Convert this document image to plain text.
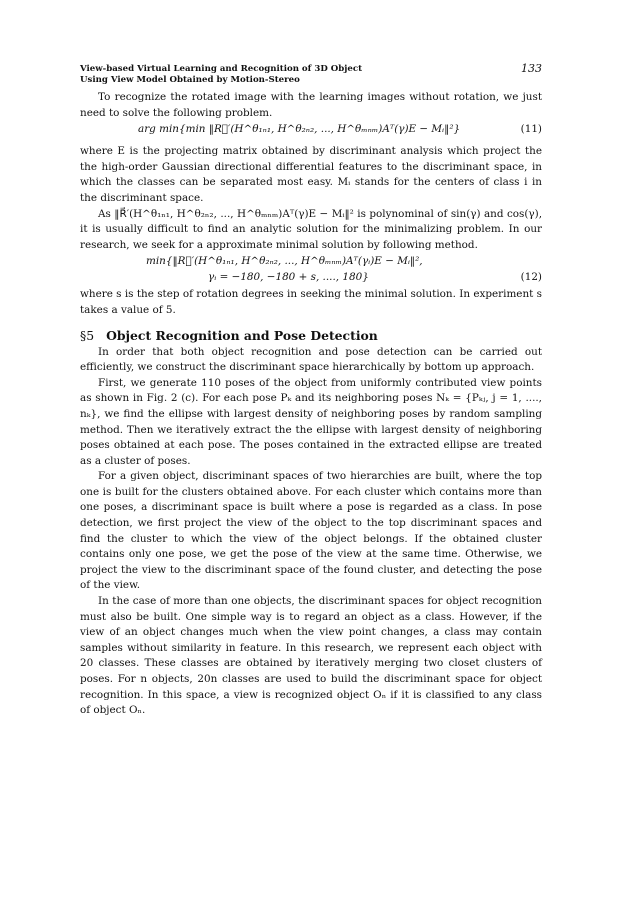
View-based Virtual Learning and Recognition of 3D Object
Using View Model Obtained by Motion-Stereo
133

To recognize the rotated image with the learning images without rotation, we just need to solve the following problem.

arg min{min ‖R⃗′(H^θ₁ₙ₁, H^θ₂ₙ₂, ..., H^θₘₙₘ)Aᵀ(γ)E − Mᵢ‖²}	(11)

where E is the projecting matrix obtained by discriminant analysis which project the the high-order Gaussian directional differential features to the discriminant space, in which the classes can be separated most easy. Mᵢ stands for the centers of class i in the discriminant space.

As ‖R⃗′(H^θ₁ₙ₁, H^θ₂ₙ₂, ..., H^θₘₙₘ)Aᵀ(γ)E − Mᵢ‖² is polynominal of sin(γ) and cos(γ), it is usually difficult to find an analytic solution for the minimalizing problem. In our research, we seek for a approximate minimal solution by following method.

min{‖R⃗′(H^θ₁ₙ₁, H^θ₂ₙ₂, ..., H^θₘₙₘ)Aᵀ(γᵢ)E − Mᵢ‖²,
γᵢ = −180, −180 + s, ...., 180}	(12)

where s is the step of rotation degrees in seeking the minimal solution. In experiment s takes a value of 5.

§5 Object Recognition and Pose Detection

In order that both object recognition and pose detection can be carried out efficiently, we construct the discriminant space hierarchically by bottom up approach.

First, we generate 110 poses of the object from uniformly contributed view points as shown in Fig. 2 (c). For each pose Pₖ and its neighboring poses Nₖ = {Pₖⱼ, j = 1, ...., nₖ}, we find the ellipse with largest density of neighboring poses by random sampling method. Then we iteratively extract the the ellipse with largest density of neighboring poses obtained at each pose. The poses contained in the extracted ellipse are treated as a cluster of poses.

For a given object, discriminant spaces of two hierarchies are built, where the top one is built for the clusters obtained above. For each cluster which contains more than one poses, a discriminant space is built where a pose is regarded as a class. In pose detection, we first project the view of the object to the top discriminant spaces and find the cluster to which the view of the object belongs. If the obtained cluster contains only one pose, we get the pose of the view at the same time. Otherwise, we project the view to the discriminant space of the found cluster, and detecting the pose of the view.

In the case of more than one objects, the discriminant spaces for object recognition must also be built. One simple way is to regard an object as a class. However, if the view of an object changes much when the view point changes, a class may contain samples without similarity in feature. In this research, we represent each object with 20 classes. These classes are obtained by iteratively merging two closet clusters of poses. For n objects, 20n classes are used to build the discriminant space for object recognition. In this space, a view is recognized object Oₙ if it is classified to any class of object Oₙ.
